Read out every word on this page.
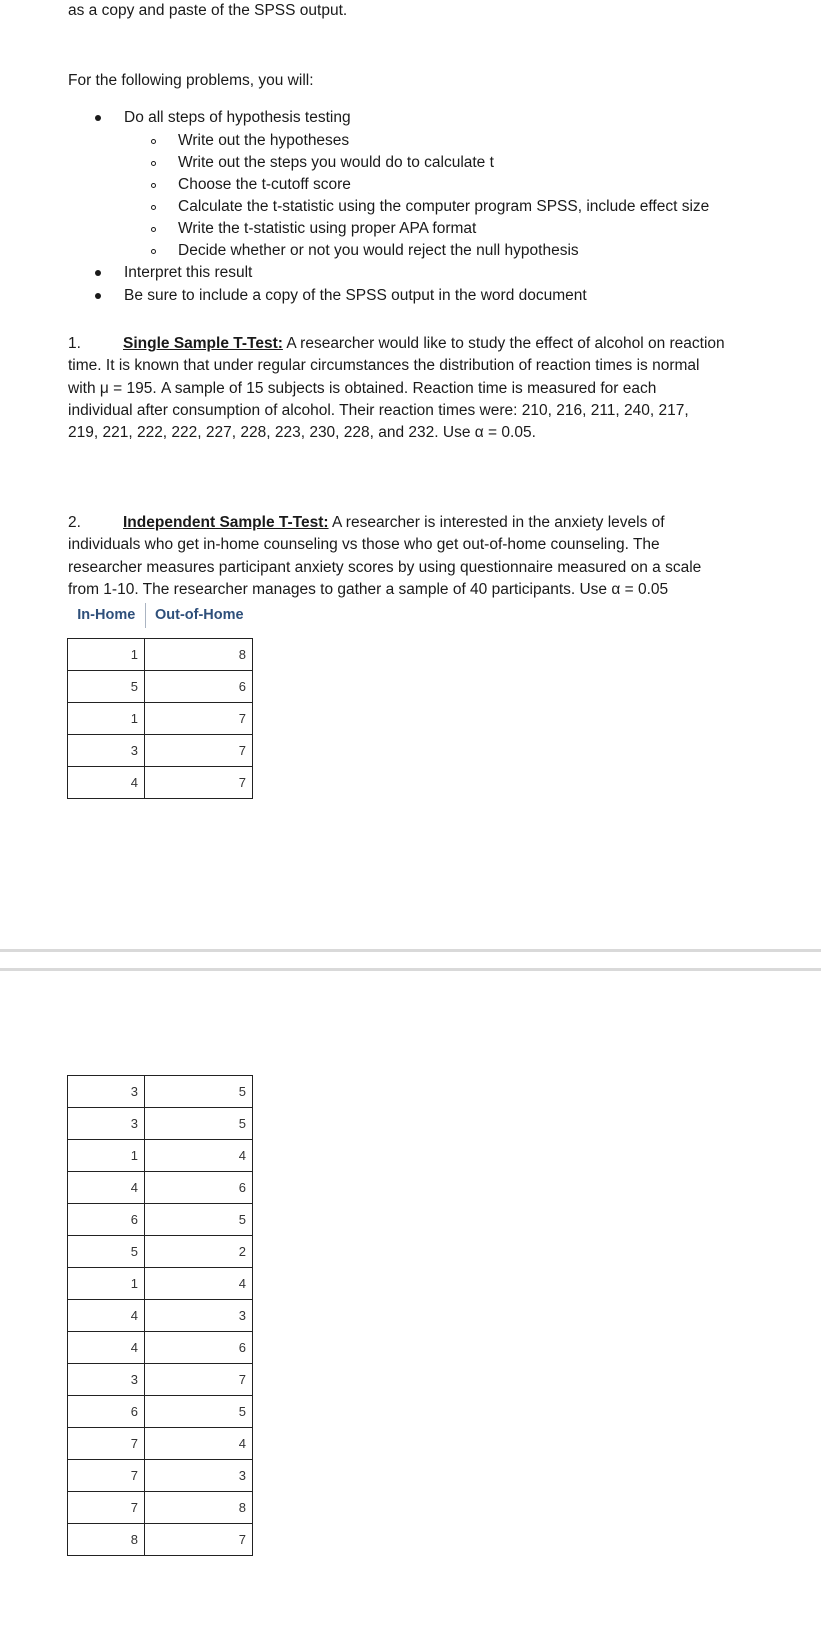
as a copy and paste of the SPSS output.
For the following problems, you will:
Do all steps of hypothesis testing
Write out the hypotheses
Write out the steps you would do to calculate t
Choose the t-cutoff score
Calculate the t-statistic using the computer program SPSS, include effect size
Write the t-statistic using proper APA format
Decide whether or not you would reject the null hypothesis
Interpret this result
Be sure to include a copy of the SPSS output in the word document
1.	Single Sample T-Test: A researcher would like to study the effect of alcohol on reaction
time. It is known that under regular circumstances the distribution of reaction times is normal
with μ = 195. A sample of 15 subjects is obtained. Reaction time is measured for each
individual after consumption of alcohol. Their reaction times were: 210, 216, 211, 240, 217,
219, 221, 222, 222, 227, 228, 223, 230, 228, and 232. Use α = 0.05.
2.	Independent Sample T-Test: A researcher is interested in the anxiety levels of
individuals who get in-home counseling vs those who get out-of-home counseling. The
researcher measures participant anxiety scores by using questionnaire measured on a scale
from 1-10. The researcher manages to gather a sample of 40 participants. Use α = 0.05
In-Home	Out-of-Home
1	8
5	6
1	7
3	7
4	7
3	5
3	5
1	4
4	6
6	5
5	2
1	4
4	3
4	6
3	7
6	5
7	4
7	3
7	8
8	7
